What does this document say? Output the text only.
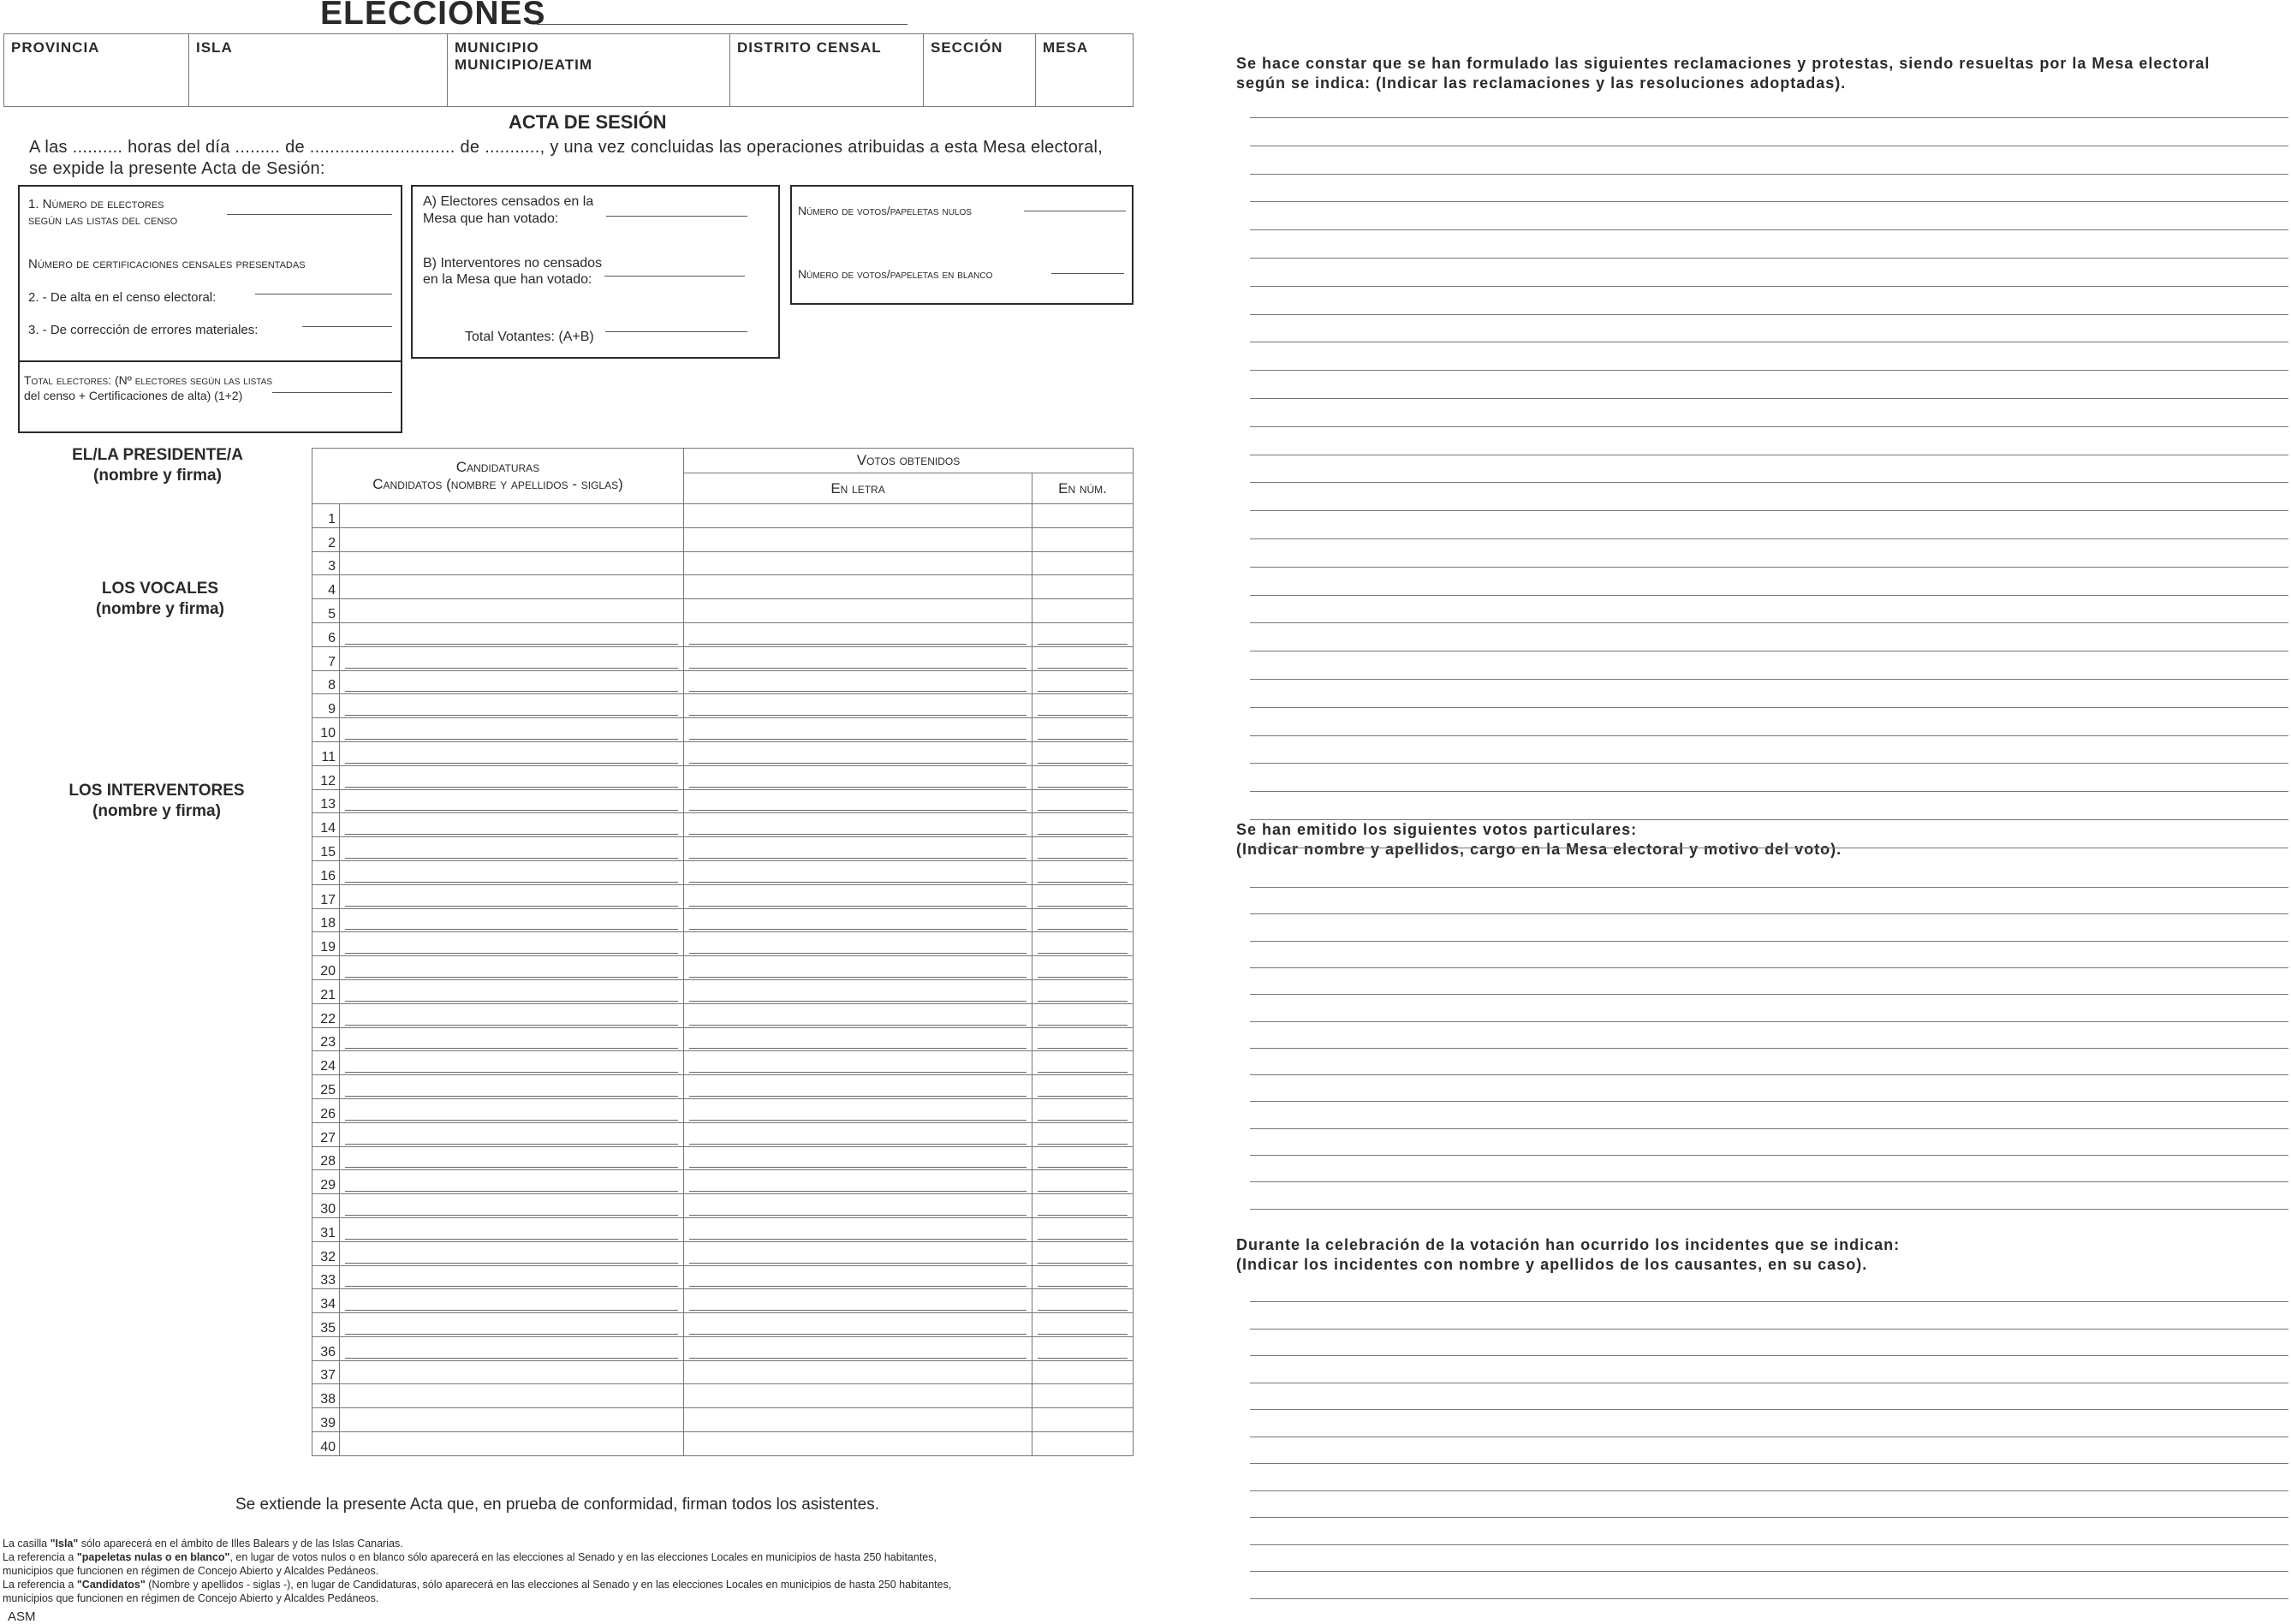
ELECCIONES
PROVINCIA	ISLA	MUNICIPIO
MUNICIPIO/EATIM
DISTRITO CENSAL	SECCIÓN	MESA
ACTA DE SESIÓN
A las .......... horas del día ......... de ............................. de ..........., y una vez concluidas las operaciones atribuidas a esta Mesa electoral,
se expide la presente Acta de Sesión:
1. Número de electores
según las listas del censo
Número de certificaciones censales presentadas
2. - De alta en el censo electoral:
3. - De corrección de errores materiales:
Total electores: (Nº electores según las listas
del censo + Certificaciones de alta) (1+2)
A) Electores censados en la
Mesa que han votado:
B) Interventores no censados
en la Mesa que han votado:
Total Votantes: (A+B)
Número de votos/papeletas nulos
Número de votos/papeletas en blanco
EL/LA PRESIDENTE/A
(nombre y firma)
LOS VOCALES
(nombre y firma)
LOS INTERVENTORES
(nombre y firma)
Candidaturas
Candidatos (nombre y apellidos - siglas)		Votos obtenidos	
		En letra	En núm.
1			
2			
3			
4			
5			
6	

7	

8	

9	

10	

11	

12	

13	

14	

15	

16	

17	

18	

19	

20	

21	

22	

23	

24	

25	

26	

27	

28	

29	

30	

31	

32	

33	

34	

35	

36	

37			
38			
39			
40			
Se extiende la presente Acta que, en prueba de conformidad, firman todos los asistentes.
La casilla "Isla" sólo aparecerá en el ámbito de Illes Balears y de las Islas Canarias.
La referencia a "papeletas nulas o en blanco", en lugar de votos nulos o en blanco sólo aparecerá en las elecciones al Senado y en las elecciones Locales en municipios de hasta 250 habitantes,
municipios que funcionen en régimen de Concejo Abierto y Alcaldes Pedáneos.
La referencia a "Candidatos" (Nombre y apellidos - siglas -), en lugar de Candidaturas, sólo aparecerá en las elecciones al Senado y en las elecciones Locales en municipios de hasta 250 habitantes,
municipios que funcionen en régimen de Concejo Abierto y Alcaldes Pedáneos.
ASM
Se hace constar que se han formulado las siguientes reclamaciones y protestas, siendo resueltas por la Mesa electoral
según se indica: (Indicar las reclamaciones y las resoluciones adoptadas).
Se han emitido los siguientes votos particulares:
(Indicar nombre y apellidos, cargo en la Mesa electoral y motivo del voto).
Durante la celebración de la votación han ocurrido los incidentes que se indican:
(Indicar los incidentes con nombre y apellidos de los causantes, en su caso).
